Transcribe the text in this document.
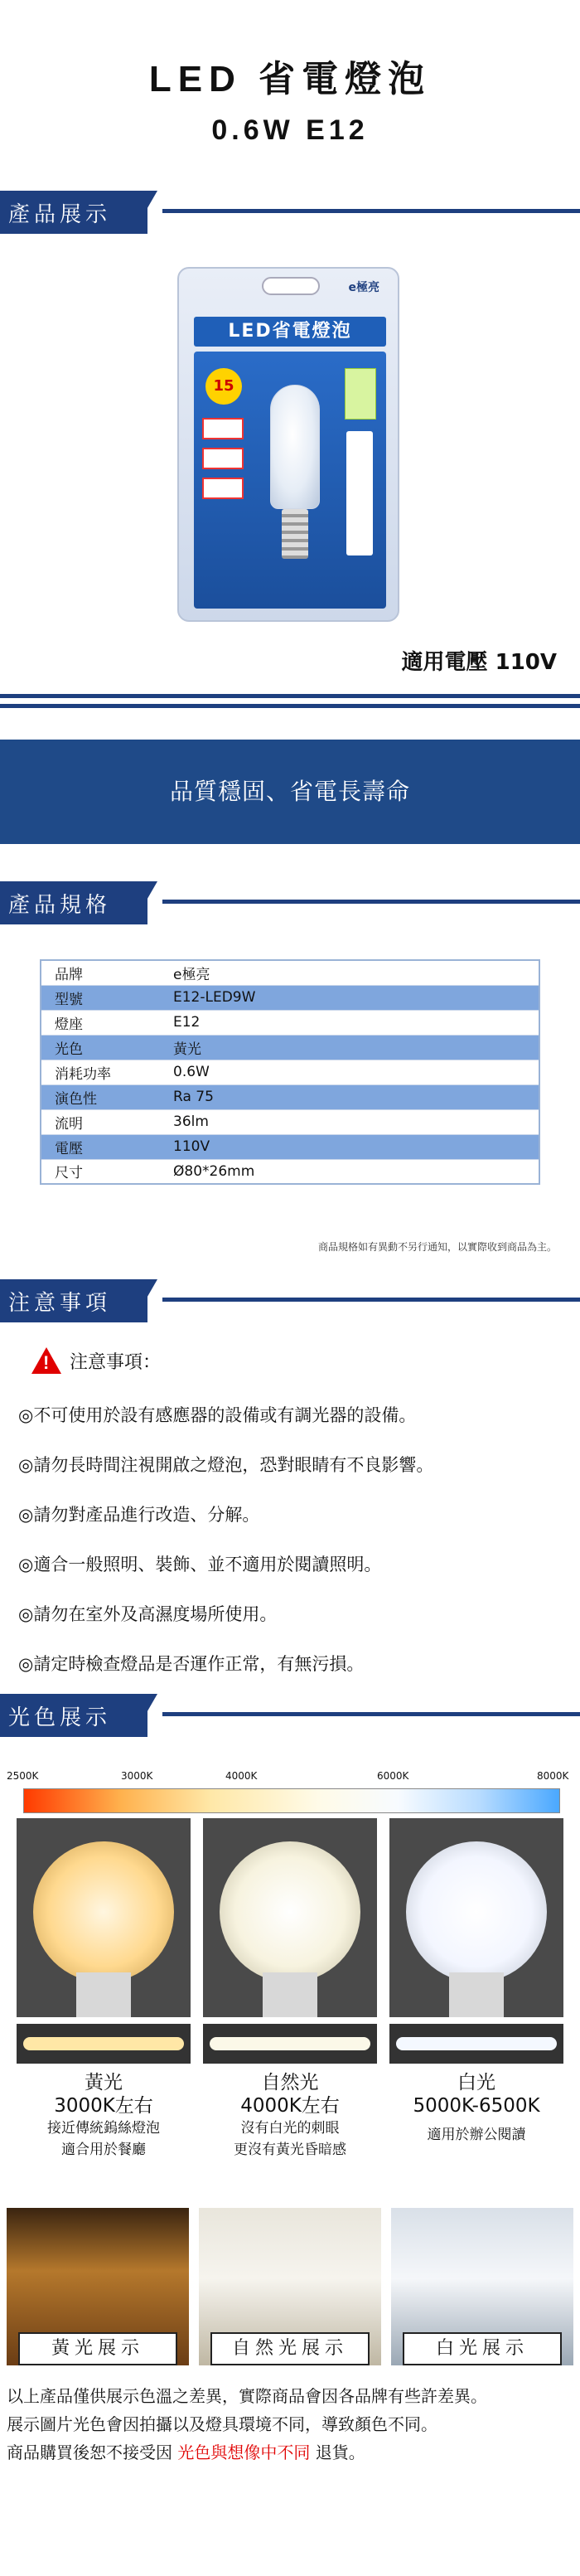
LED 省電燈泡
0.6W E12
產品展示
e極亮
LED省電燈泡
15
適用電壓 110V
品質穩固、省電長壽命
產品規格
品牌	e極亮
型號	E12-LED9W
燈座	E12
光色	黃光
消耗功率	0.6W
演色性	Ra 75
流明	36lm
電壓	110V
尺寸	Ø80*26mm
商品規格如有異動不另行通知，以實際收到商品為主。
注意事項
!
注意事項：
◎不可使用於設有感應器的設備或有調光器的設備。
◎請勿長時間注視開啟之燈泡，恐對眼睛有不良影響。
◎請勿對產品進行改造、分解。
◎適合一般照明、裝飾、並不適用於閱讀照明。
◎請勿在室外及高濕度場所使用。
◎請定時檢查燈品是否運作正常，有無污損。
光色展示
2500K	3000K	4000K	6000K	8000K
黃光
3000K左右
接近傳統鎢絲燈泡
適合用於餐廳
自然光
4000K左右
沒有白光的刺眼
更沒有黃光昏暗感
白光
5000K-6500K
適用於辦公閱讀
黃光展示	自然光展示	白光展示
以上產品僅供展示色溫之差異，實際商品會因各品牌有些許差異。
展示圖片光色會因拍攝以及燈具環境不同，導致顏色不同。
商品購買後恕不接受因 光色與想像中不同 退貨。
